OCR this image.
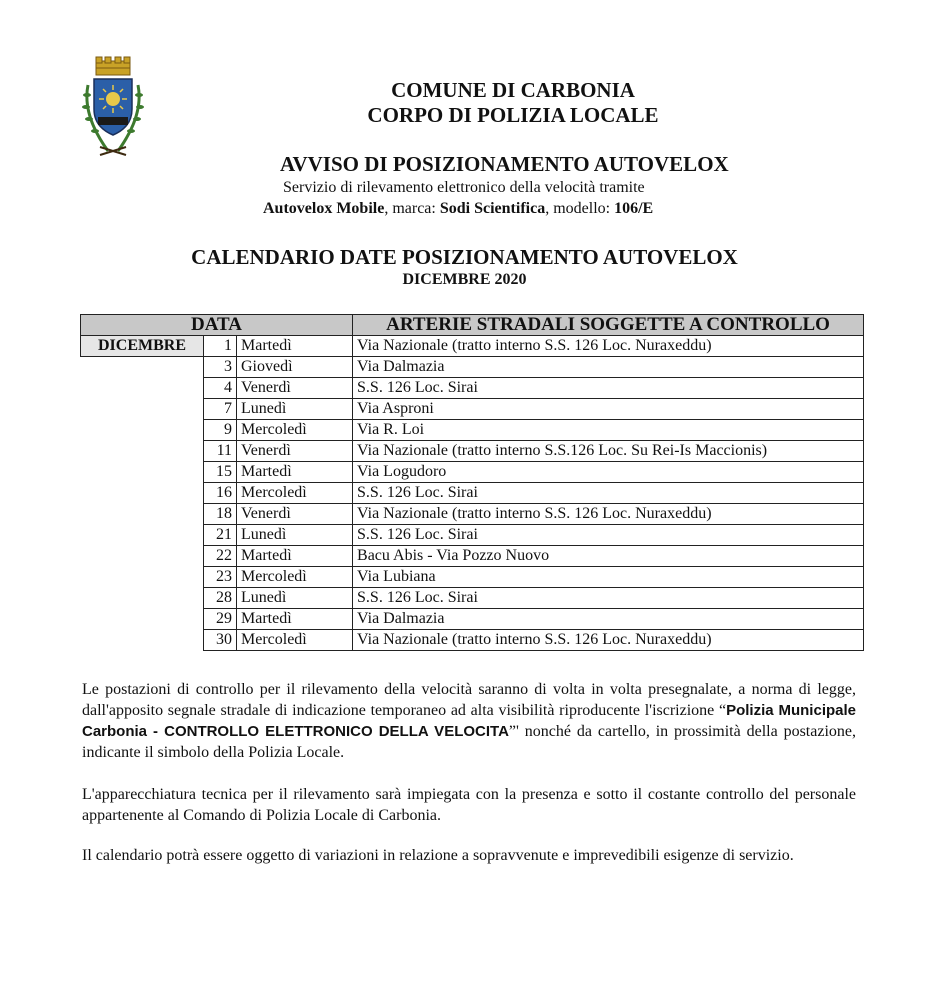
COMUNE DI CARBONIA
CORPO DI POLIZIA LOCALE
AVVISO DI POSIZIONAMENTO AUTOVELOX
Servizio di rilevamento elettronico della velocità tramite
Autovelox Mobile, marca: Sodi Scientifica, modello: 106/E
CALENDARIO DATE POSIZIONAMENTO AUTOVELOX
DICEMBRE 2020
DATA			ARTERIE STRADALI SOGGETTE A CONTROLLO
DICEMBRE	1	Martedì	Via Nazionale (tratto interno S.S. 126 Loc. Nuraxeddu)
	3	Giovedì	Via Dalmazia
	4	Venerdì	S.S. 126 Loc. Sirai
	7	Lunedì	Via Asproni
	9	Mercoledì	Via R. Loi
	11	Venerdì	Via Nazionale (tratto interno S.S.126 Loc. Su Rei-Is Maccionis)
	15	Martedì	Via Logudoro
	16	Mercoledì	S.S. 126 Loc. Sirai
	18	Venerdì	Via Nazionale (tratto interno S.S. 126 Loc. Nuraxeddu)
	21	Lunedì	S.S. 126 Loc. Sirai
	22	Martedì	Bacu Abis - Via Pozzo Nuovo
	23	Mercoledì	Via Lubiana
	28	Lunedì	S.S. 126 Loc. Sirai
	29	Martedì	Via Dalmazia
	30	Mercoledì	Via Nazionale (tratto interno S.S. 126 Loc. Nuraxeddu)
Le postazioni di controllo per il rilevamento della velocità saranno di volta in volta presegnalate, a norma di legge, dall'apposito segnale stradale di indicazione temporaneo ad alta visibilità riproducente l'iscrizione “Polizia Municipale Carbonia - CONTROLLO ELETTRONICO DELLA VELOCITA”' nonché da cartello, in prossimità della postazione, indicante il simbolo della Polizia Locale.
L'apparecchiatura tecnica per il rilevamento sarà impiegata con la presenza e sotto il costante controllo del personale appartenente al Comando di Polizia Locale di Carbonia.
Il calendario potrà essere oggetto di variazioni in relazione a sopravvenute e imprevedibili esigenze di servizio.
